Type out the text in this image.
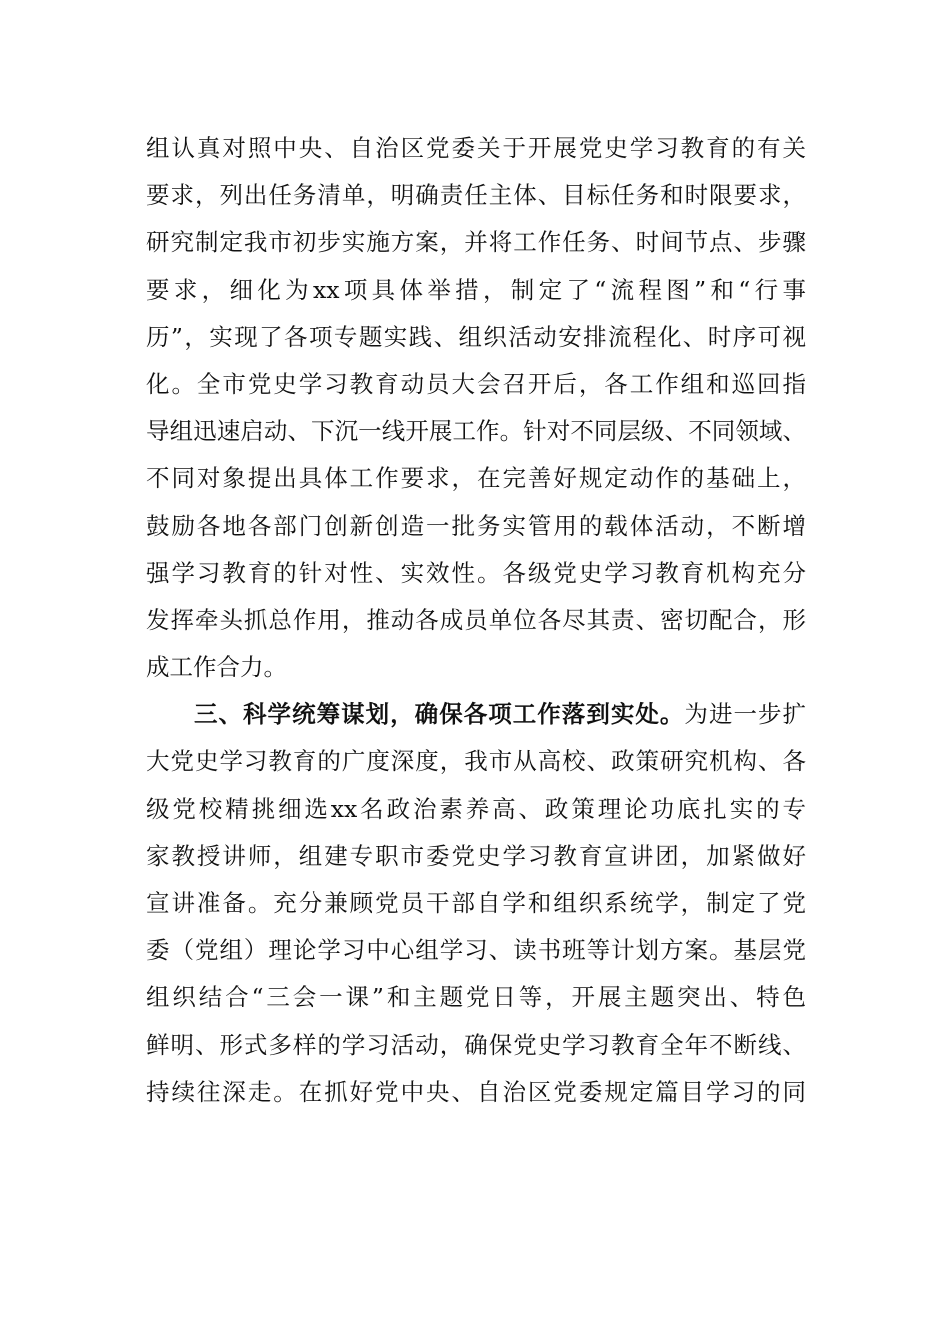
组认真对照中央、自治区党委关于开展党史学习教育的有关
要求，列出任务清单，明确责任主体、目标任务和时限要求，
研究制定我市初步实施方案，并将工作任务、时间节点、步骤
要求，细化为xx项具体举措，制定了“流程图”和“行事
历”，实现了各项专题实践、组织活动安排流程化、时序可视
化。全市党史学习教育动员大会召开后，各工作组和巡回指
导组迅速启动、下沉一线开展工作。针对不同层级、不同领域、
不同对象提出具体工作要求，在完善好规定动作的基础上，
鼓励各地各部门创新创造一批务实管用的载体活动，不断增
强学习教育的针对性、实效性。各级党史学习教育机构充分
发挥牵头抓总作用，推动各成员单位各尽其责、密切配合，形
成工作合力。
三、科学统筹谋划，确保各项工作落到实处。为进一步扩
大党史学习教育的广度深度，我市从高校、政策研究机构、各
级党校精挑细选xx名政治素养高、政策理论功底扎实的专
家教授讲师，组建专职市委党史学习教育宣讲团，加紧做好
宣讲准备。充分兼顾党员干部自学和组织系统学，制定了党
委（党组）理论学习中心组学习、读书班等计划方案。基层党
组织结合“三会一课”和主题党日等，开展主题突出、特色
鲜明、形式多样的学习活动，确保党史学习教育全年不断线、
持续往深走。在抓好党中央、自治区党委规定篇目学习的同
